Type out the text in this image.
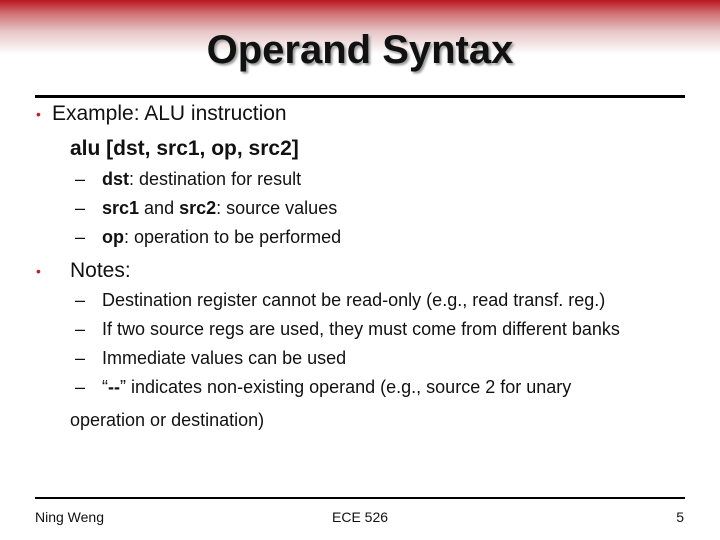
Operand Syntax
• Example: ALU instruction
alu [dst, src1, op, src2]
– dst: destination for result
– src1 and src2: source values
– op: operation to be performed
• Notes:
– Destination register cannot be read-only (e.g., read transf. reg.)
– If two source regs are used, they must come from different banks
– Immediate values can be used
– “--” indicates non-existing operand (e.g., source 2 for unary
operation or destination)
Ning Weng	ECE 526	5
